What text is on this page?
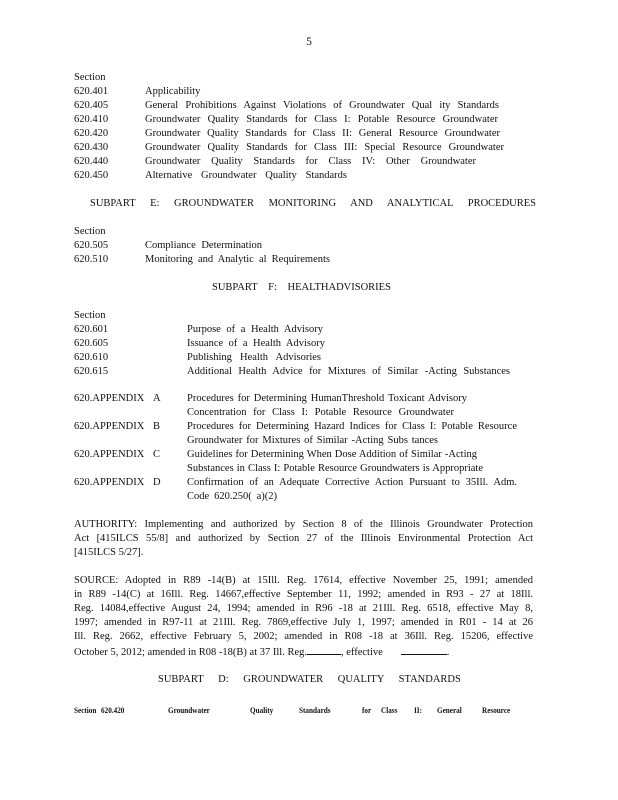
5
Section
620.401	Applicability
620.405	General Prohibitions Against Violations of Groundwater Qual ity Standards
620.410	Groundwater Quality Standards for Class I: Potable Resource Groundwater
620.420	Groundwater Quality Standards for Class II: General Resource Groundwater
620.430	Groundwater Quality Standards for Class III: Special Resource Groundwater
620.440	Groundwater Quality Standards for Class IV: Other Groundwater
620.450	Alternative Groundwater Quality Standards
SUBPART E: GROUNDWATER MONITORING AND ANALYTICAL PROCEDURES
Section
620.505	Compliance Determination
620.510	Monitoring and Analytic al Requirements
SUBPART F: HEALTHADVISORIES
Section
620.601	Purpose of a Health Advisory
620.605	Issuance of a Health Advisory
620.610	Publishing Health Advisories
620.615	Additional Health Advice for Mixtures of Similar -Acting Substances
620.APPENDIX A	Procedures for Determining HumanThreshold Toxicant Advisory
Concentration for Class I: Potable Resource Groundwater
620.APPENDIX B	Procedures for Determining Hazard Indices for Class I: Potable Resource
Groundwater for Mixtures of Similar -Acting Subs tances
620.APPENDIX C	Guidelines for Determining When Dose Addition of Similar -Acting
Substances in Class I: Potable Resource Groundwaters is Appropriate
620.APPENDIX D	Confirmation of an Adequate Corrective Action Pursuant to 35Ill. Adm.
Code 620.250( a)(2)
AUTHORITY: Implementing and authorized by Section 8 of the Illinois Groundwater Protection
Act [415ILCS 55/8] and authorized by Section 27 of the Illinois Environmental Protection Act
[415ILCS 5/27].
SOURCE: Adopted in R89 -14(B) at 15Ill. Reg. 17614, effective November 25, 1991; amended
in R89 -14(C) at 16Ill. Reg. 14667,effective September 11, 1992; amended in R93 - 27 at 18Ill.
Reg. 14084,effective August 24, 1994; amended in R96 -18 at 21Ill. Reg. 6518, effective May 8,
1997; amended in R97-11 at 21Ill. Reg. 7869,effective July 1, 1997; amended in R01 - 14 at 26
Ill. Reg. 2662, effective February 5, 2002; amended in R08 -18 at 36Ill. Reg. 15206, effective
October 5, 2012; amended in R08 -18(B) at 37 Ill. Reg.	, effective	.
SUBPART D: GROUNDWATER QUALITY STANDARDS
Section 620.420	Groundwater	Quality	Standards	for Class II: General	Resource
